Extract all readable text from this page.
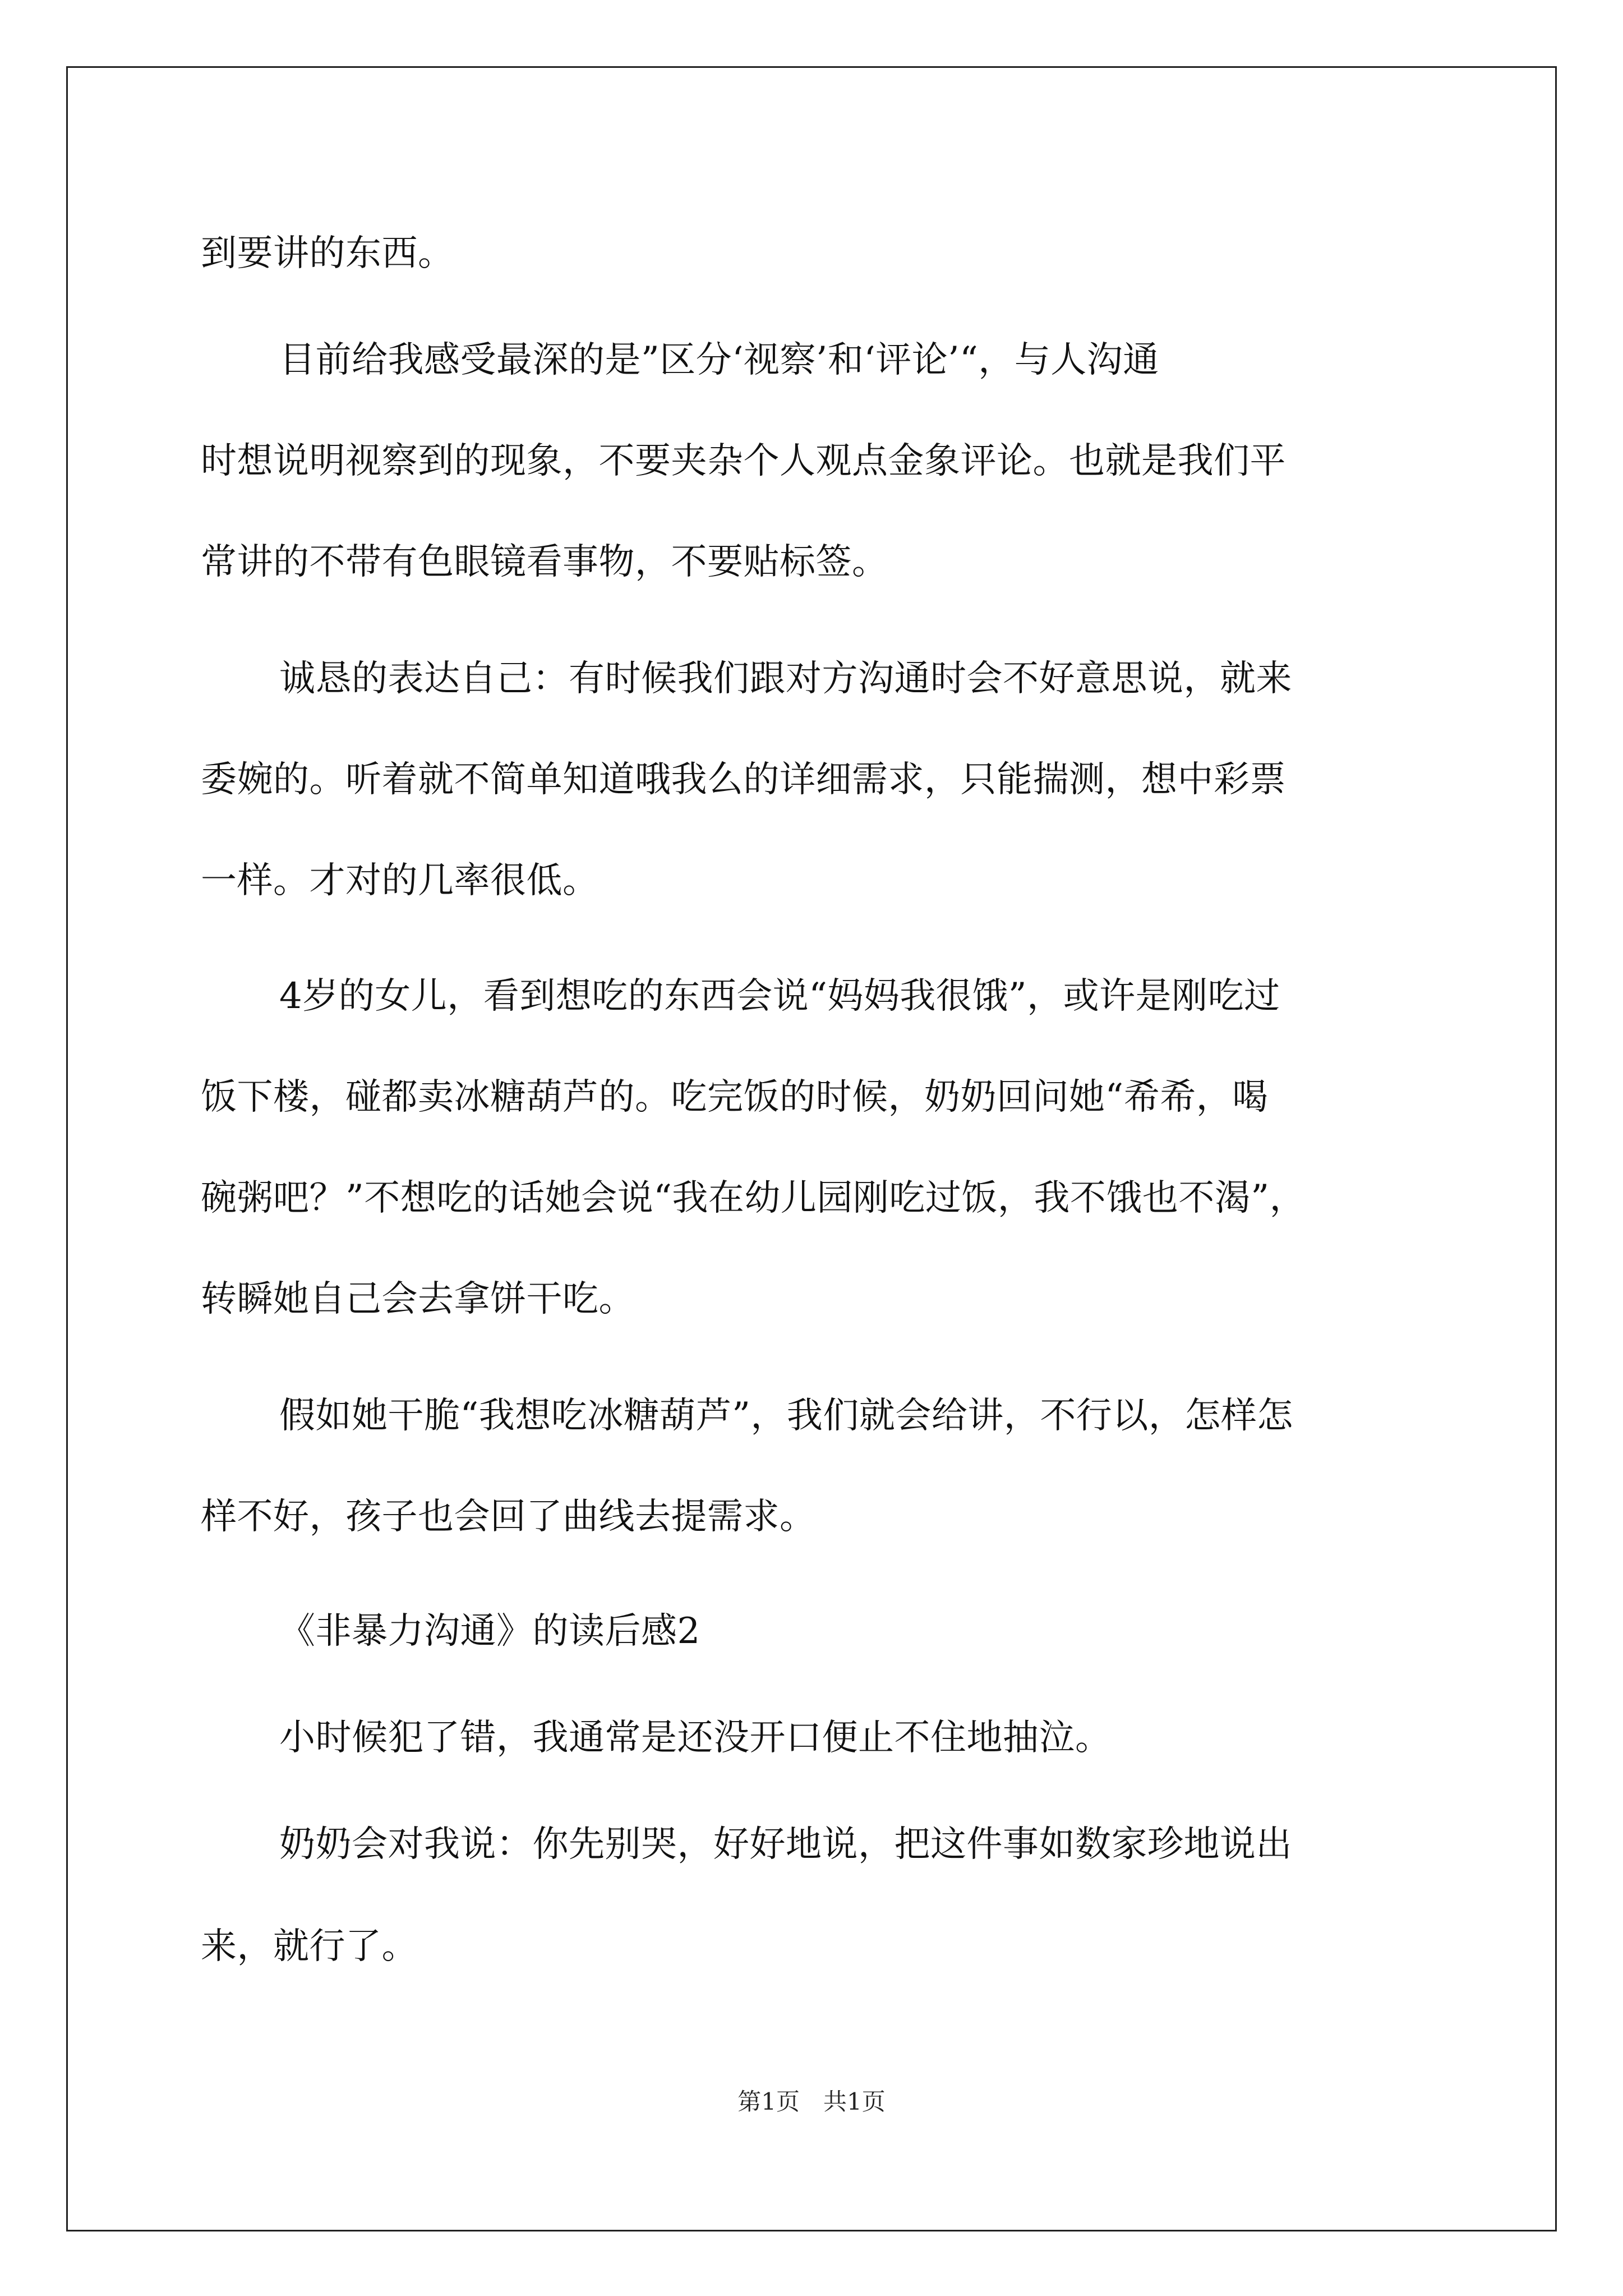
到要讲的东西。
目前给我感受最深的是”区分‘视察’和‘评论’“，与人沟通
时想说明视察到的现象，不要夹杂个人观点金象评论。也就是我们平
常讲的不带有色眼镜看事物，不要贴标签。
诚恳的表达自己：有时候我们跟对方沟通时会不好意思说，就来
委婉的。听着就不简单知道哦我么的详细需求，只能揣测，想中彩票
一样。才对的几率很低。
4岁的女儿，看到想吃的东西会说“妈妈我很饿”，或许是刚吃过
饭下楼，碰都卖冰糖葫芦的。吃完饭的时候，奶奶回问她“希希，喝
碗粥吧？”不想吃的话她会说“我在幼儿园刚吃过饭，我不饿也不渴”，
转瞬她自己会去拿饼干吃。
假如她干脆“我想吃冰糖葫芦”，我们就会给讲，不行以，怎样怎
样不好，孩子也会回了曲线去提需求。
《非暴力沟通》的读后感2
小时候犯了错，我通常是还没开口便止不住地抽泣。
奶奶会对我说：你先别哭，好好地说，把这件事如数家珍地说出
来，就行了。
第1页　共1页
